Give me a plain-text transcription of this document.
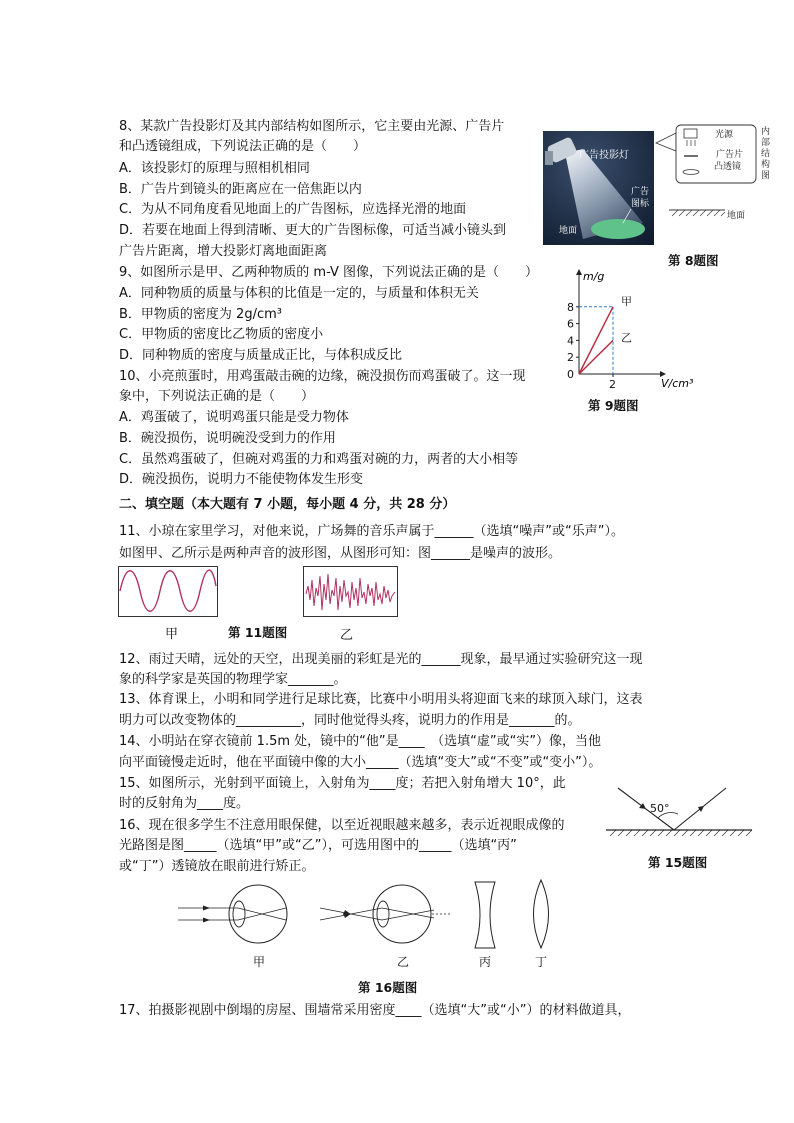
8、某款广告投影灯及其内部结构如图所示，它主要由光源、广告片
和凸透镜组成，下列说法正确的是（　　）
A．该投影灯的原理与照相机相同
B．广告片到镜头的距离应在一倍焦距以内
C．为从不同角度看见地面上的广告图标，应选择光滑的地面
D．若要在地面上得到清晰、更大的广告图标像，可适当减小镜头到
广告片距离，增大投影灯离地面距离
广告投影灯
广告
图标
地面
光源
广告片
凸透镜
内
部
结
构
图
地面
第 8题图
9、如图所示是甲、乙两种物质的 m-V 图像，下列说法正确的是（　　）
A．同种物质的质量与体积的比值是一定的，与质量和体积无关
B．甲物质的密度为 2g/cm³
C．甲物质的密度比乙物质的密度小
D．同种物质的密度与质量成正比，与体积成反比
m/g
V/cm³
2
4
6
8
0
2
甲
乙
第 9题图
10、小亮煎蛋时，用鸡蛋敲击碗的边缘，碗没损伤而鸡蛋破了。这一现
象中，下列说法正确的是（　　）
A．鸡蛋破了，说明鸡蛋只能是受力物体
B．碗没损伤，说明碗没受到力的作用
C．虽然鸡蛋破了，但碗对鸡蛋的力和鸡蛋对碗的力，两者的大小相等
D．碗没损伤，说明力不能使物体发生形变
二、填空题（本大题有 7 小题，每小题 4 分，共 28 分）
11、小琼在家里学习，对他来说，广场舞的音乐声属于______（选填“噪声”或“乐声”）。
如图甲、乙所示是两种声音的波形图，从图形可知：图______是噪声的波形。
甲	第 11题图	乙
12、雨过天晴，远处的天空，出现美丽的彩虹是光的______现象，最早通过实验研究这一现
象的科学家是英国的物理学家_______。
13、体育课上，小明和同学进行足球比赛，比赛中小明用头将迎面飞来的球顶入球门，这表
明力可以改变物体的__________，同时他觉得头疼，说明力的作用是_______的。
14、小明站在穿衣镜前 1.5m 处，镜中的“他”是____　（选填“虚”或“实”）像，当他
向平面镜慢走近时，他在平面镜中像的大小_____（选填“变大”或“不变”或“变小”）。
15、如图所示，光射到平面镜上，入射角为____度；若把入射角增大 10°，此
时的反射角为____度。	50°
第 15题图
16、现在很多学生不注意用眼保健，以至近视眼越来越多，表示近视眼成像的
光路图是图_____（选填“甲”或“乙”），可选用图中的_____（选填“丙”
或“丁”）透镜放在眼前进行矫正。
甲	乙	丙	丁
第 16题图
17、拍摄影视剧中倒塌的房屋、围墙常采用密度____（选填“大”或“小”）的材料做道具，
